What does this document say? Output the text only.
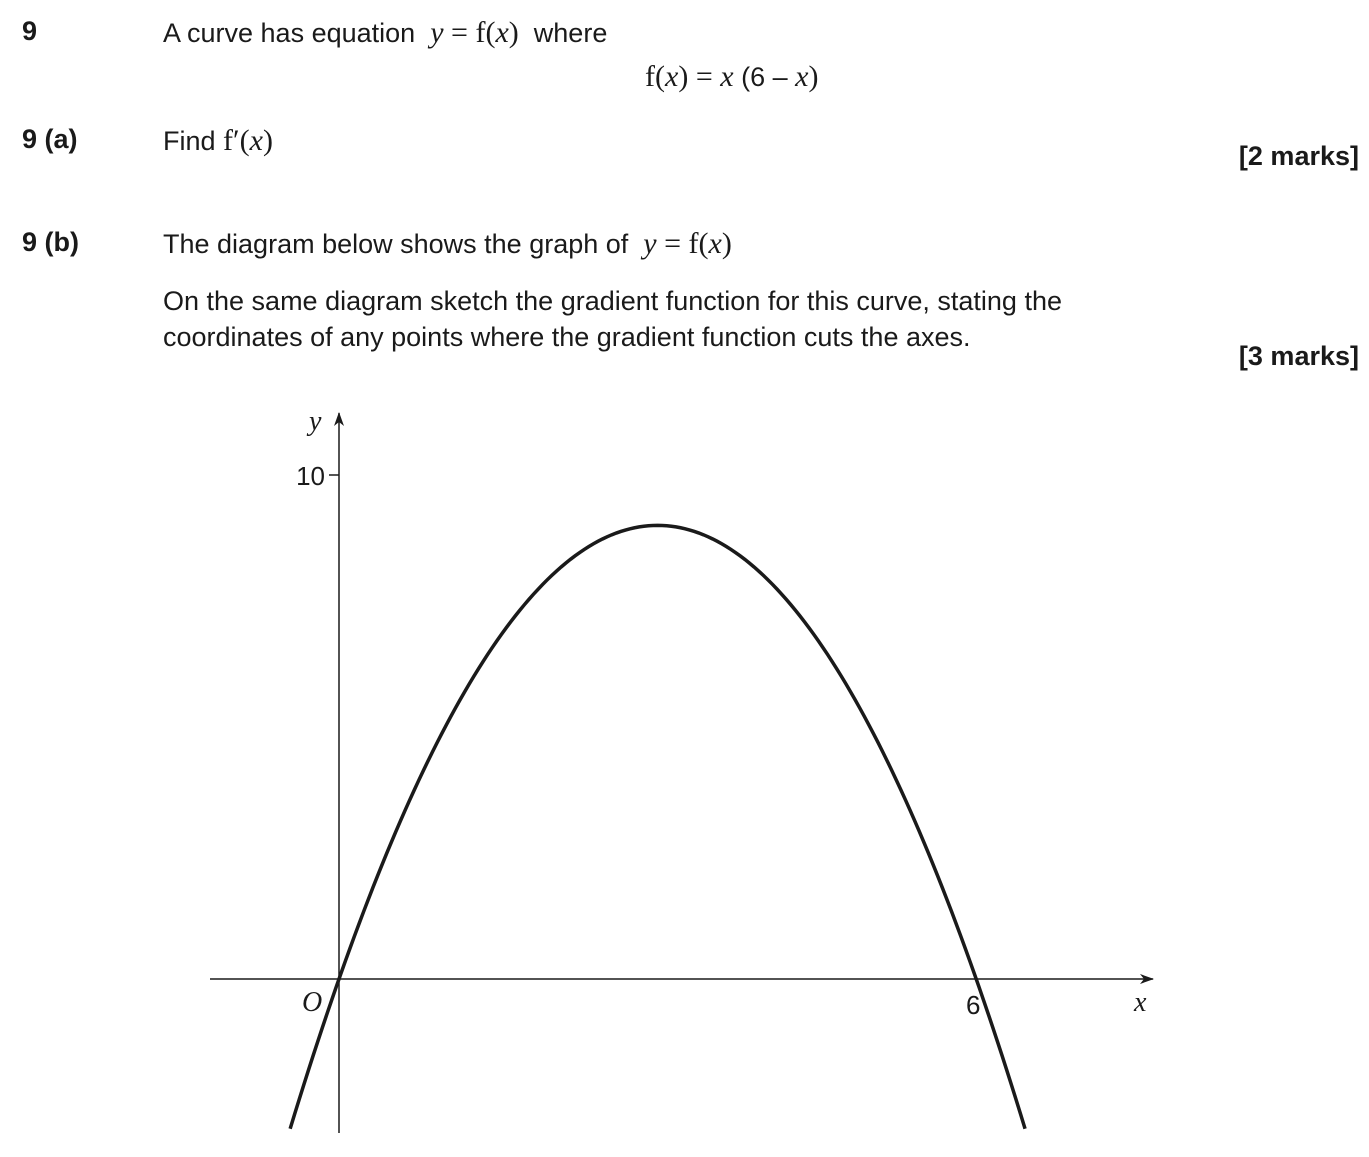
9	A curve has equation y = f(x) where
f(x) = x (6 – x)
9 (a)	Find f′(x)	[2 marks]
9 (b)	The diagram below shows the graph of y = f(x)
On the same diagram sketch the gradient function for this curve, stating the
coordinates of any points where the gradient function cuts the axes.
[3 marks]
10
6	x
y
O
